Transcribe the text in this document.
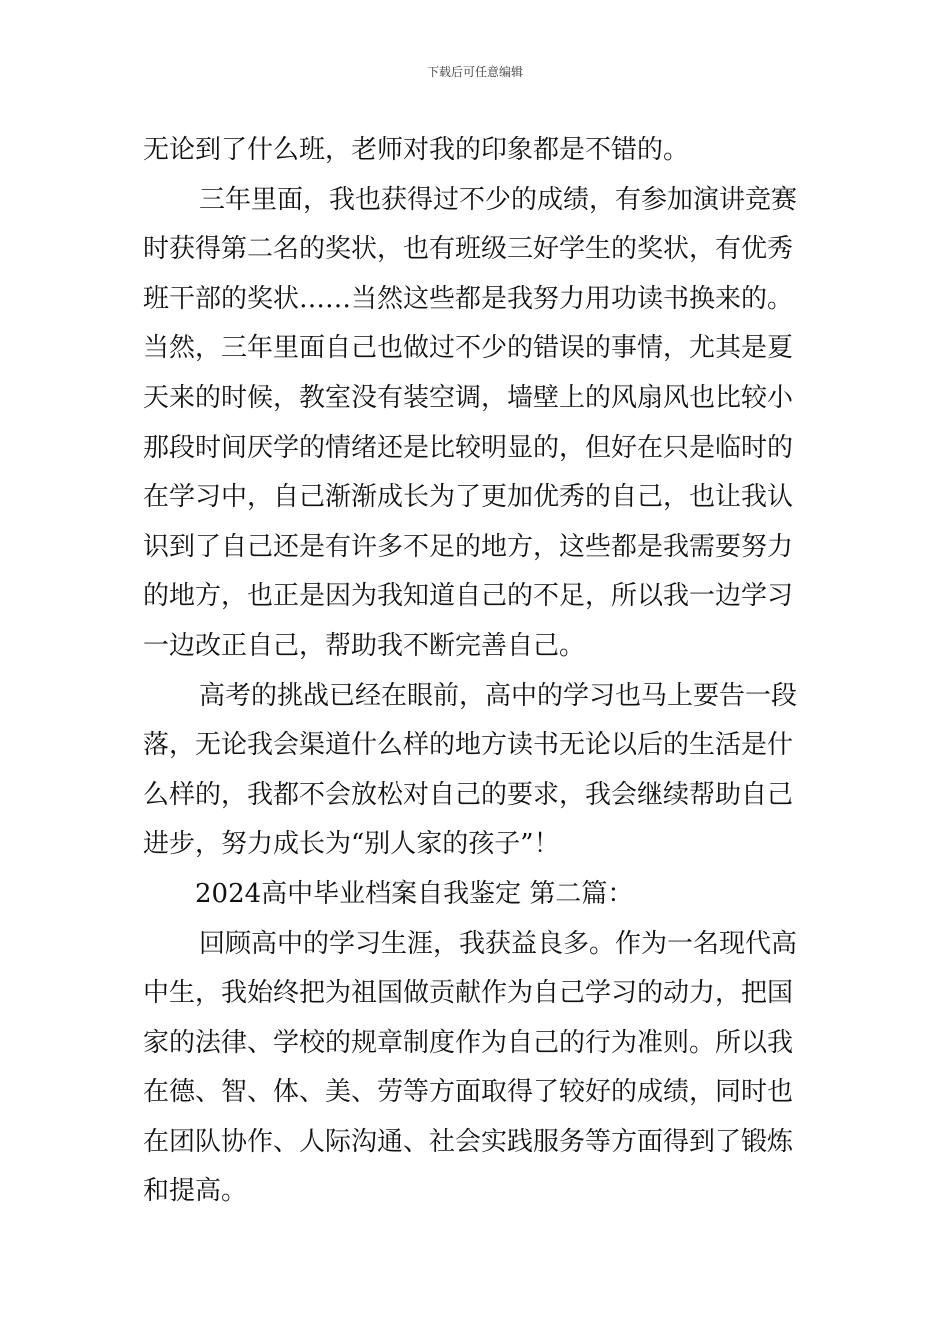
下载后可任意编辑
无论到了什么班，老师对我的印象都是不错的。
三年里面，我也获得过不少的成绩，有参加演讲竞赛
时获得第二名的奖状，也有班级三好学生的奖状，有优秀
班干部的奖状……当然这些都是我努力用功读书换来的。
当然，三年里面自己也做过不少的错误的事情，尤其是夏
天来的时候，教室没有装空调，墙壁上的风扇风也比较小
那段时间厌学的情绪还是比较明显的，但好在只是临时的
在学习中，自己渐渐成长为了更加优秀的自己，也让我认
识到了自己还是有许多不足的地方，这些都是我需要努力
的地方，也正是因为我知道自己的不足，所以我一边学习
一边改正自己，帮助我不断完善自己。
高考的挑战已经在眼前，高中的学习也马上要告一段
落，无论我会渠道什么样的地方读书无论以后的生活是什
么样的，我都不会放松对自己的要求，我会继续帮助自己
进步，努力成长为“别人家的孩子”！
2024高中毕业档案自我鉴定 第二篇：
回顾高中的学习生涯，我获益良多。作为一名现代高
中生，我始终把为祖国做贡献作为自己学习的动力，把国
家的法律、学校的规章制度作为自己的行为准则。所以我
在德、智、体、美、劳等方面取得了较好的成绩，同时也
在团队协作、人际沟通、社会实践服务等方面得到了锻炼
和提高。
